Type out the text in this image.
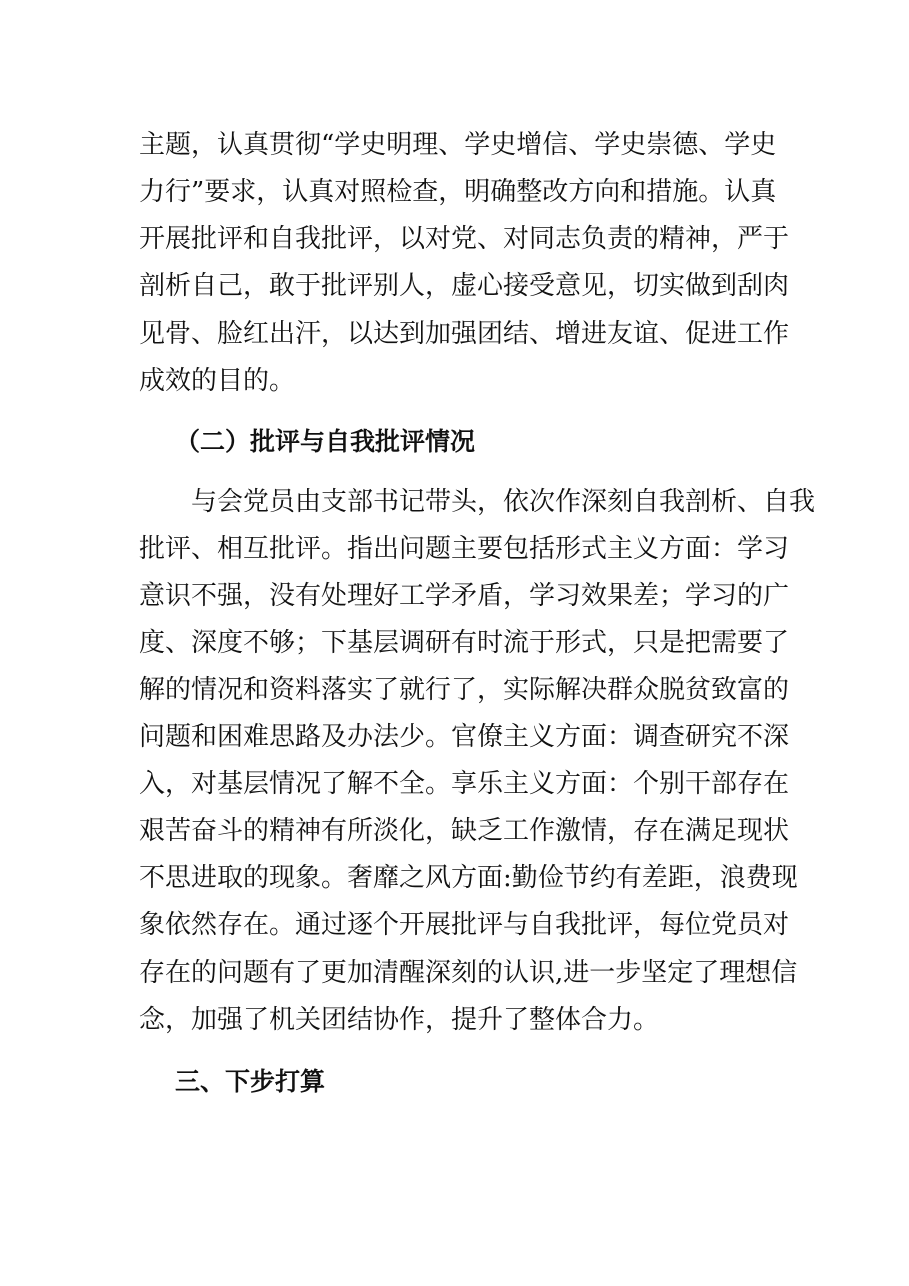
主题，认真贯彻“学史明理、学史增信、学史崇德、学史
力行”要求，认真对照检查，明确整改方向和措施。认真
开展批评和自我批评，以对党、对同志负责的精神，严于
剖析自己，敢于批评别人，虚心接受意见，切实做到刮肉
见骨、脸红出汗，以达到加强团结、增进友谊、促进工作
成效的目的。
（二）批评与自我批评情况
　　与会党员由支部书记带头，依次作深刻自我剖析、自我
批评、相互批评。指出问题主要包括形式主义方面：学习
意识不强，没有处理好工学矛盾，学习效果差；学习的广
度、深度不够；下基层调研有时流于形式，只是把需要了
解的情况和资料落实了就行了，实际解决群众脱贫致富的
问题和困难思路及办法少。官僚主义方面：调查研究不深
入，对基层情况了解不全。享乐主义方面：个别干部存在
艰苦奋斗的精神有所淡化，缺乏工作激情，存在满足现状
不思进取的现象。奢靡之风方面:勤俭节约有差距，浪费现
象依然存在。通过逐个开展批评与自我批评，每位党员对
存在的问题有了更加清醒深刻的认识,进一步坚定了理想信
念，加强了机关团结协作，提升了整体合力。
三、下步打算
